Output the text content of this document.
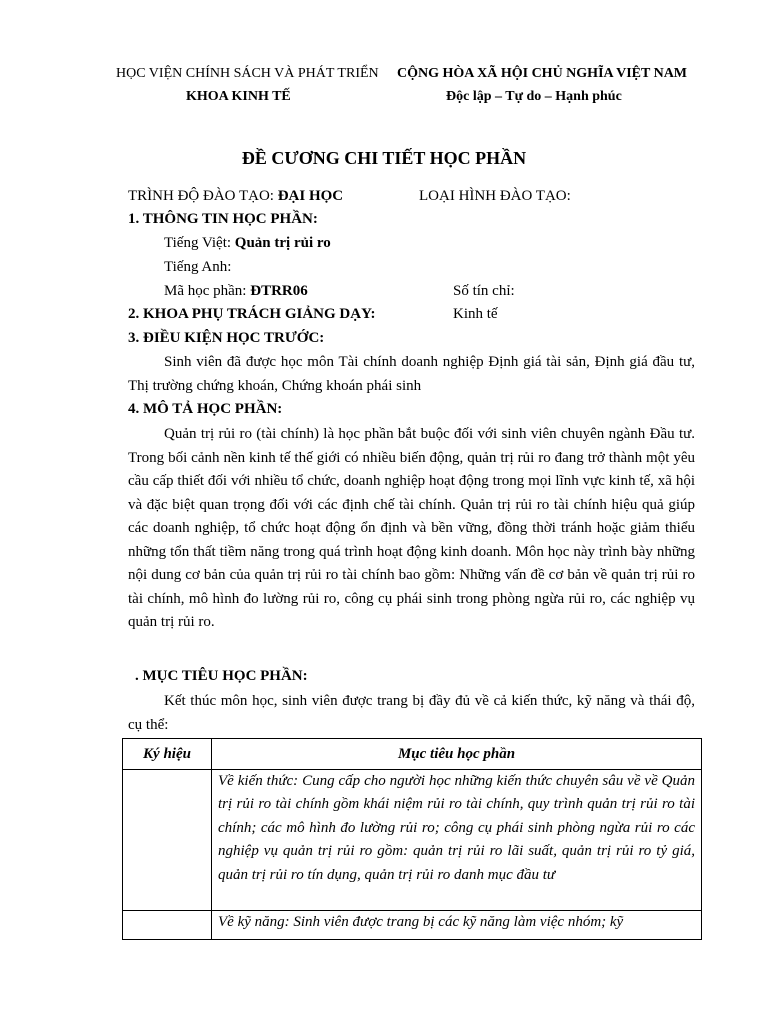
HỌC VIỆN CHÍNH SÁCH VÀ PHÁT TRIỂN
KHOA KINH TẾ
CỘNG HÒA XÃ HỘI CHỦ NGHĨA VIỆT NAM
Độc lập – Tự do – Hạnh phúc
ĐỀ CƯƠNG CHI TIẾT HỌC PHẦN
TRÌNH ĐỘ ĐÀO TẠO: ĐẠI HỌC	LOẠI HÌNH ĐÀO TẠO:
1. THÔNG TIN HỌC PHẦN:
Tiếng Việt: Quản trị rủi ro
Tiếng Anh:
Mã học phần: ĐTRR06	Số tín chỉ:
2. KHOA PHỤ TRÁCH GIẢNG DẠY:	Kinh tế
3. ĐIỀU KIỆN HỌC TRƯỚC:
Sinh viên đã được học môn Tài chính doanh nghiệp Định giá tài sản, Định giá đầu tư, Thị trường chứng khoán, Chứng khoán phái sinh
4. MÔ TẢ HỌC PHẦN:
Quản trị rủi ro (tài chính) là học phần bắt buộc đối với sinh viên chuyên ngành Đầu tư. Trong bối cảnh nền kinh tế thế giới có nhiều biến động, quản trị rủi ro đang trở thành một yêu cầu cấp thiết đối với nhiều tổ chức, doanh nghiệp hoạt động trong mọi lĩnh vực kinh tế, xã hội và đặc biệt quan trọng đối với các định chế tài chính. Quản trị rủi ro tài chính hiệu quả giúp các doanh nghiệp, tổ chức hoạt động ổn định và bền vững, đồng thời tránh hoặc giảm thiểu những tổn thất tiềm năng trong quá trình hoạt động kinh doanh. Môn học này trình bày những nội dung cơ bản của quản trị rủi ro tài chính bao gồm: Những vấn đề cơ bản về quản trị rủi ro tài chính, mô hình đo lường rủi ro, công cụ phái sinh trong phòng ngừa rủi ro, các nghiệp vụ quản trị rủi ro.
. MỤC TIÊU HỌC PHẦN:
Kết thúc môn học, sinh viên được trang bị đầy đủ về cả kiến thức, kỹ năng và thái độ, cụ thể:
Ký hiệu	Mục tiêu học phần
	Về kiến thức: Cung cấp cho người học những kiến thức chuyên sâu về về Quản trị rủi ro tài chính gồm khái niệm rủi ro tài chính, quy trình quản trị rủi ro tài chính; các mô hình đo lường rủi ro; công cụ phái sinh phòng ngừa rủi ro các nghiệp vụ quản trị rủi ro gồm: quản trị rủi ro lãi suất, quản trị rủi ro tỷ giá, quản trị rủi ro tín dụng, quản trị rủi ro danh mục đầu tư
	Về kỹ năng: Sinh viên được trang bị các kỹ năng làm việc nhóm; kỹ
